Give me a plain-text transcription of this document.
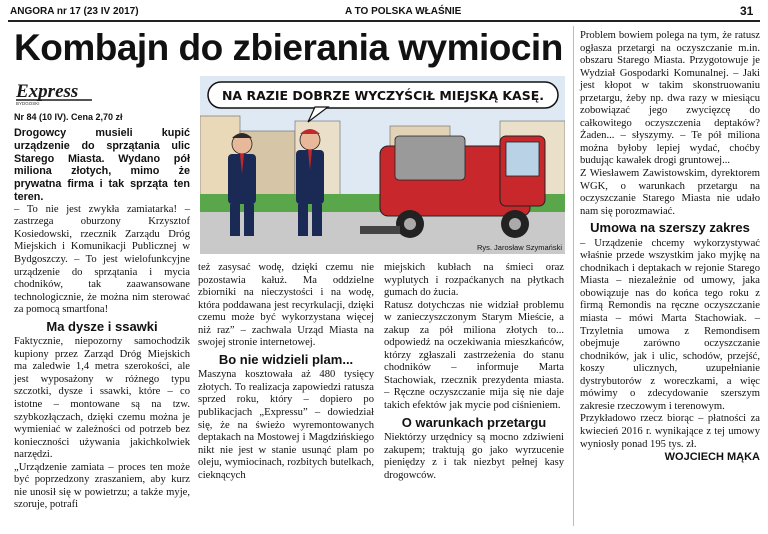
ANGORA nr 17 (23 IV 2017)	A TO POLSKA WŁAŚNIE	31
Kombajn do zbierania wymiocin
Express
BYDGOSKI
Nr 84 (10 IV). Cena 2,70 zł
NA RAZIE DOBRZE WYCZYŚCIŁ MIEJSKĄ KASĘ.
Rys. Jarosław Szymański

Drogowcy musieli kupić urządzenie do sprzątania ulic Starego Miasta. Wydano pół miliona złotych, mimo że prywatna firma i tak sprząta ten teren.

– To nie jest zwykła zamiatarka! – zastrzega oburzony Krzysztof Kosiedowski, rzecznik Zarządu Dróg Miejskich i Komunikacji Publicznej w Bydgoszczy. – To jest wielofunkcyjne urządzenie do sprzątania i mycia chodników, tak zaawansowane technologicznie, że można nim sterować za pomocą smartfona!

Ma dysze i ssawki

Faktycznie, niepozorny samochodzik kupiony przez Zarząd Dróg Miejskich ma zaledwie 1,4 metra szerokości, ale jest wyposażony w różnego typu szczotki, dysze i ssawki, które – co istotne – montowane są na tzw. szybkozłączach, dzięki czemu można je wymieniać w zależności od potrzeb bez konieczności używania jakichkolwiek narzędzi.

„Urządzenie zamiata – proces ten może być poprzedzony zraszaniem, aby kurz nie unosił się w powietrzu; a także myje, szoruje, potrafi

też zasysać wodę, dzięki czemu nie pozostawia kałuż. Ma oddzielne zbiorniki na nieczystości i na wodę, która poddawana jest recyrkulacji, dzięki czemu może być wykorzystana więcej niż raz” – zachwala Urząd Miasta na swojej stronie internetowej.

Bo nie widzieli plam...

Maszyna kosztowała aż 480 tysięcy złotych. To realizacja zapowiedzi ratusza sprzed roku, który – dopiero po publikacjach „Expressu” – dowiedział się, że na świeżo wyremontowanych deptakach na Mostowej i Magdzińskiego nikt nie jest w stanie usunąć plam po oleju, wymiocinach, rozbitych butelkach, cieknących

miejskich kubłach na śmieci oraz wyplutych i rozpaćkanych na płytkach gumach do żucia.

Ratusz dotychczas nie widział problemu w zanieczyszczonym Starym Mieście, a zakup za pół miliona złotych to... odpowiedź na oczekiwania mieszkańców, którzy zgłaszali zastrzeżenia do stanu chodników – informuje Marta Stachowiak, rzecznik prezydenta miasta. – Ręczne oczyszczanie mija się nie daje takich efektów jak mycie pod ciśnieniem.

O warunkach przetargu

Niektórzy urzędnicy są mocno zdziwieni zakupem; traktują go jako wyrzucenie pieniędzy z i tak niezbyt pełnej kasy drogowców.

Problem bowiem polega na tym, że ratusz ogłasza przetargi na oczyszczanie m.in. obszaru Starego Miasta. Przygotowuje je Wydział Gospodarki Komunalnej. – Jaki jest kłopot w takim skonstruowaniu przetargu, żeby np. dwa razy w miesiącu zobowiązać jego zwycięzcę do całkowitego oczyszczenia deptaków? Żaden... – słyszymy. – Te pół miliona można byłoby lepiej wydać, choćby budując kawałek drogi gruntowej...

Z Wiesławem Zawistowskim, dyrektorem WGK, o warunkach przetargu na oczyszczanie Starego Miasta nie udało nam się porozmawiać.

Umowa na szerszy zakres

– Urządzenie chcemy wykorzystywać właśnie przede wszystkim jako myjkę na chodnikach i deptakach w rejonie Starego Miasta – niezależnie od umowy, jaka obowiązuje nas do końca tego roku z firmą Remondis na ręczne oczyszczanie miasta – mówi Marta Stachowiak. – Trzyletnia umowa z Remondisem obejmuje zarówno oczyszczanie chodników, jak i ulic, schodów, przejść, koszy ulicznych, uzupełnianie dystrybutorów z woreczkami, a więc mówimy o zdecydowanie szerszym zakresie rzeczowym i terenowym.

Przykładowo rzecz biorąc – płatności za kwiecień 2016 r. wynikające z tej umowy wyniosły ponad 195 tys. zł.

WOJCIECH MĄKA
